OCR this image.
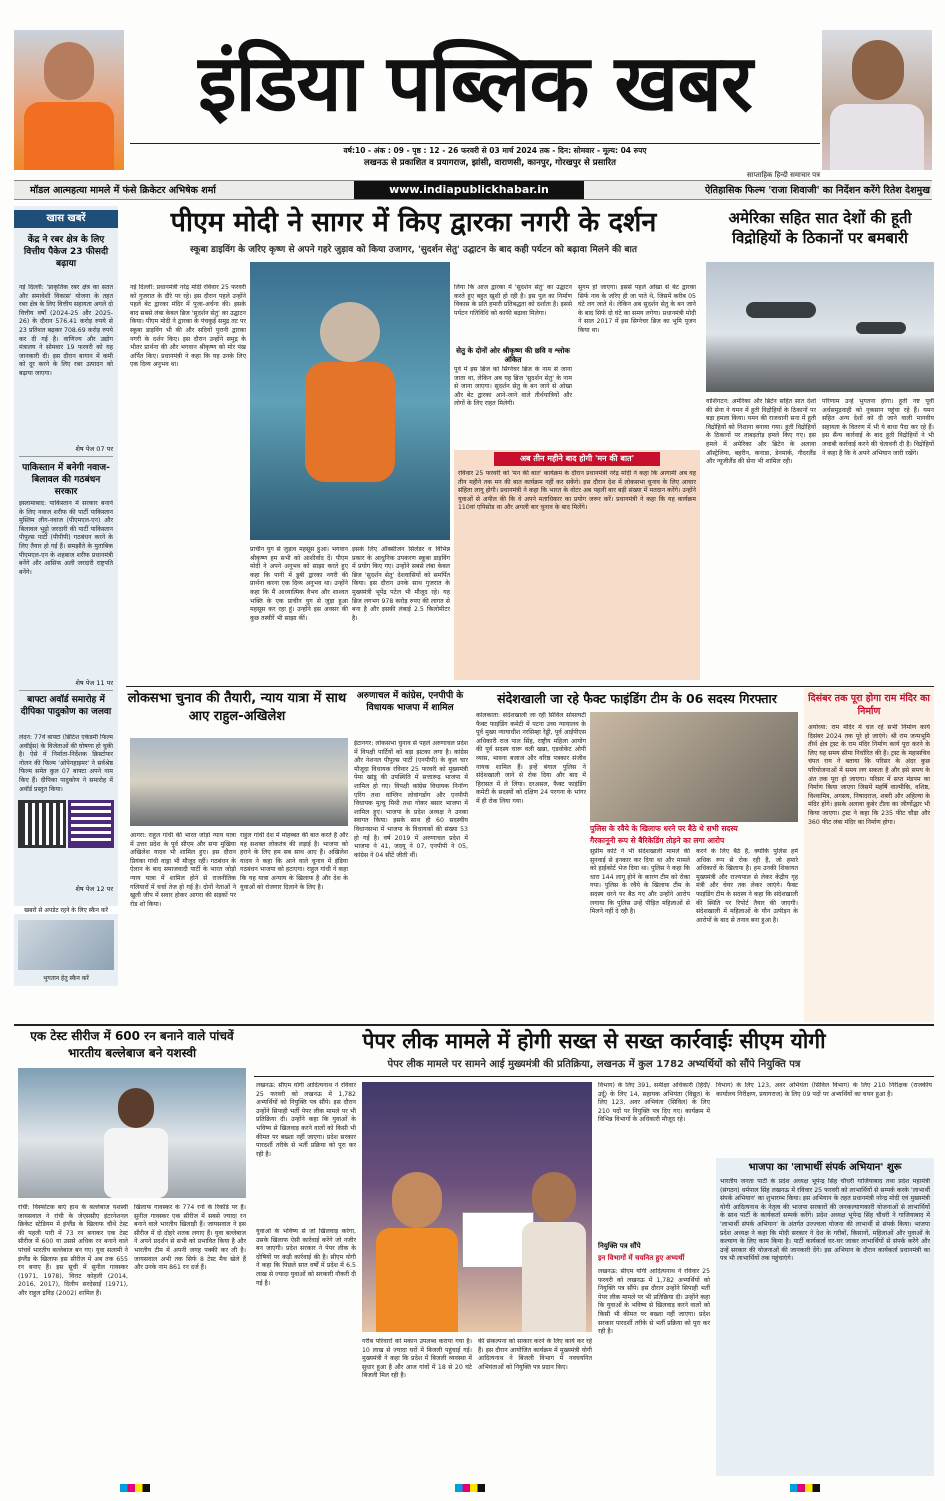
इंडिया पब्लिक खबर
वर्ष:10 - अंक : 09 - पृष्ठ : 12 - 26 फरवरी से 03 मार्च 2024 तक - दिन: सोमवार - मूल्य: 04 रुपए
लखनऊ से प्रकाशित व प्रयागराज, झांसी, वाराणसी, कानपुर, गोरखपुर से प्रसारित
साप्ताहिक हिन्दी समाचार पत्र
मॉडल आत्महत्या मामले में फंसे क्रिकेटर अभिषेक शर्मा	www.indiapublickhabar.in	ऐतिहासिक फिल्म 'राजा शिवाजी' का निर्देशन करेंगे रितेश देशमुख
खास खबरें
केंद्र ने रबर क्षेत्र के लिए वित्तीय पैकेज 23 फीसदी बढ़ाया
नई दिल्ली: 'प्राकृतिक रबर क्षेत्र का सतत और समावेशी विकास' योजना के तहत रबर क्षेत्र के लिए वित्तीय सहायता अगले दो वित्तीय वर्षों (2024-25 और 2025-26) के दौरान 576.41 करोड़ रुपये से 23 प्रतिशत बढ़कर 708.69 करोड़ रुपये कर दी गई है। वाणिज्य और उद्योग मंत्रालय ने सोमवार 19 फरवरी को यह जानकारी दी। इस दौरान बागान में कमी को दूर करने के लिए रबर उत्पादन को बढ़ाया जाएगा।
शेष पेज 07 पर
पाकिस्तान में बनेगी नवाज-बिलावल की गठबंधन सरकार
इस्लामाबाद: पाकिस्तान में सरकार बनाने के लिए नवाज शरीफ की पार्टी पाकिस्तान मुस्लिम लीग-नवाज (पीएमएल-एन) और बिलावल भुट्टो जरदारी की पार्टी पाकिस्तान पीपुल्स पार्टी (पीपीपी) गठबंधन करने के लिए तैयार हो गई हैं। समझौते के मुताबिक पीएमएल-एन के शहबाज शरीफ प्रधानमंत्री बनेंगे और आसिफ अली जरदारी राष्ट्रपति बनेंगे।
शेष पेज 11 पर
बाफ्टा अवॉर्ड समारोह में दीपिका पादुकोण का जलवा
लंदन: 77वें बाफ्टा (ब्रिटिश एकेडमी फिल्म अवॉर्ड्स) के विजेताओं की घोषणा हो चुकी है। ऐसे में निर्माता-निर्देशक क्रिस्टोफर नोलन की फिल्म 'ओपेनहाइमर' ने सर्वश्रेष्ठ फिल्म समेत कुल 07 बाफ्टा अपने नाम किए हैं। दीपिका पादुकोण ने समारोह में अवॉर्ड प्रस्तुत किया।
शेष पेज 12 पर
खबरों से अपडेट रहने के लिए स्कैन करें
भुगतान हेतु स्कैन करें
पीएम मोदी ने सागर में किए द्वारका नगरी के दर्शन
स्कूबा डाइविंग के जरिए कृष्ण से अपने गहरे जुड़ाव को किया उजागर, 'सुदर्शन सेतु' उद्घाटन के बाद कही पर्यटन को बढ़ावा मिलने की बात
नई दिल्ली: प्रधानमंत्री नरेंद्र मोदी रविवार 25 फरवरी को गुजरात के दौरे पर रहे। इस दौरान पहले उन्होंने पहले बेट द्वारका मंदिर में पूजा-अर्चना की। इसके बाद सबसे लंबा केबल ब्रिज 'सुदर्शन सेतु' का उद्घाटन किया। पीएम मोदी ने द्वारका के पंचकुई समुद्र तट पर स्कूबा डाइविंग भी की और सदियों पुरानी द्वारका नगरी के दर्शन किए। इस दौरान उन्होंने समुद्र के भीतर प्रार्थना की और भगवान श्रीकृष्ण को मोर पंख अर्पित किए। प्रधानमंत्री ने कहा कि यह उनके लिए एक दिव्य अनुभव था।
प्राचीन युग से जुड़ाव महसूस हुआ। भगवान श्रीकृष्ण हम सभी को आशीर्वाद दें। पीएम मोदी ने अपने अनुभव को साझा करते हुए कहा कि पानी में डूबी द्वारका नगरी की प्रार्थना करना एक दिव्य अनुभव था। उन्होंने कहा कि मैं आध्यात्मिक वैभव और शाश्वत भक्ति के एक प्राचीन युग से जुड़ा हुआ महसूस कर रहा हूं। उन्होंने इस अवसर की कुछ तस्वीरें भी साझा कीं।
इसके लिए ऑक्सीजन सिलेंडर व विभिन्न प्रकार के आधुनिक उपकरण स्कूबा डाइविंग में प्रयोग किए गए। उन्होंने सबसे लंबा केबल ब्रिज 'सुदर्शन सेतु' देशवासियों को समर्पित किया। इस दौरान उनके साथ गुजरात के मुख्यमंत्री भूपेंद्र पटेल भी मौजूद रहे। यह ब्रिज लगभग 978 करोड़ रुपए की लागत से बना है और इसकी लंबाई 2.5 किलोमीटर है।
लिया कि आज द्वारका में 'सुदर्शन सेतु' का उद्घाटन करते हुए बहुत खुशी हो रही है। इस पुल का निर्माण विकास के प्रति हमारी प्रतिबद्धता को दर्शाता है। इससे पर्यटन गतिविधि को काफी बढ़ावा मिलेगा।
सेतु के दोनों ओर श्रीकृष्ण की छवि व श्लोक अंकित
पूर्व में इस ब्रिज को सिग्नेचर ब्रिज के नाम से जाना जाता था, लेकिन अब यह ब्रिज 'सुदर्शन सेतु' के नाम से जाना जाएगा। सुदर्शन सेतु के बन जाने से ओखा और बेट द्वारका आने-जाने वाले तीर्थयात्रियों और लोगों के लिए राहत मिलेगी।
सुगम हो जाएगा। इससे पहले ओखा से बेट द्वारका सिर्फ नाव के जरिए ही जा पाते थे, जिसमें करीब 05 घंटे लग जाते थे। लेकिन अब सुदर्शन सेतु के बन जाने के बाद सिर्फ दो घंटे का समय लगेगा। प्रधानमंत्री मोदी ने साल 2017 में इस सिग्नेचर ब्रिज का भूमि पूजन किया था।
अब तीन महीने बाद होगी 'मन की बात'
रविवार 25 फरवरी को 'मन की बात' कार्यक्रम के दौरान प्रधानमंत्री नरेंद्र मोदी ने कहा कि आगामी अब वह तीन महीने तक मन की बात कार्यक्रम नहीं कर सकेंगे। इस दौरान देश में लोकसभा चुनाव के लिए आचार संहिता लागू होगी। प्रधानमंत्री ने कहा कि भारत के वोटर अब पहली बार बड़ी संख्या में मतदान करेंगे। उन्होंने युवाओं से अपील की कि वे अपने मताधिकार का प्रयोग जरूर करें। प्रधानमंत्री ने कहा कि यह कार्यक्रम 110वां एपिसोड था और अगली बार चुनाव के बाद मिलेंगे।
अमेरिका सहित सात देशों की हूती विद्रोहियों के ठिकानों पर बमबारी
वाशिंगटन: अमेरिका और ब्रिटेन सहित सात देशों की सेना ने यमन में हूती विद्रोहियों के ठिकानों पर बड़ा हमला किया। यमन की राजधानी सना में हूती विद्रोहियों को निशाना बनाया गया। हूती विद्रोहियों के ठिकानों पर ताबड़तोड़ हमले किए गए। इस हमले में अमेरिका और ब्रिटेन के अलावा ऑस्ट्रेलिया, बहरीन, कनाडा, डेनमार्क, नीदरलैंड और न्यूजीलैंड की सेना भी शामिल रही।
परिणाम उन्हें भुगतना होगा। हूती नष्ट पूर्वी अर्धसमुद्रवाही को नुकसान पहुंचा रहे हैं। यमन सहित अन्य देशों को दी जाने वाली मानवीय सहायता के वितरण में भी ये बाधा पैदा कर रहे हैं। इस सैन्य कार्रवाई के बाद हूती विद्रोहियों ने भी जवाबी कार्रवाई करने की चेतावनी दी है। विद्रोहियों ने कहा है कि वे अपने अभियान जारी रखेंगे।
लोकसभा चुनाव की तैयारी, न्याय यात्रा में साथ आए राहुल-अखिलेश
आगरा: राहुल गांधी की भारत जोड़ो न्याय यात्रा में उत्तर प्रदेश के पूर्व सीएम और सपा मुखिया अखिलेश यादव भी शामिल हुए। इस दौरान प्रियंका गांधी वाड्रा भी मौजूद रहीं। गठबंधन के ऐलान के बाद समाजवादी पार्टी के भारत जोड़ो न्याय यात्रा में शामिल होने से राजनीतिक गलियारों में चर्चा तेज हो गई है। दोनों नेताओं ने खुली जीप में सवार होकर आगरा की सड़कों पर रोड शो किया।
राहुल गांधी देश में मोहब्बत की बात करते हैं और यह सशक्त लोकतंत्र की लड़ाई है। भाजपा को हराने के लिए हम सब साथ आए हैं। अखिलेश यादव ने कहा कि आने वाले चुनाव में इंडिया गठबंधन भाजपा को हटाएगा। राहुल गांधी ने कहा कि यह यात्रा अन्याय के खिलाफ है और देश के युवाओं को रोजगार दिलाने के लिए है।
अरुणाचल में कांग्रेस, एनपीपी के विधायक भाजपा में शामिल
ईटानगर: लोकसभा चुनाव से पहले अरुणाचल प्रदेश में विपक्षी पार्टियों को बड़ा झटका लगा है। कांग्रेस और नेशनल पीपुल्स पार्टी (एनपीपी) के कुल चार मौजूदा विधायक रविवार 25 फरवरी को मुख्यमंत्री पेमा खांडू की उपस्थिति में सत्तारूढ़ भाजपा में शामिल हो गए। विपक्षी कांग्रेस विधायक निनॉन्ग एरिंग तथा वांग्लिन लोवांगडोंग और एनपीपी विधायक मुत्चु मिथी तथा गोकर बसार भाजपा में शामिल हुए। भाजपा के प्रदेश अध्यक्ष ने उनका स्वागत किया। इसके साथ ही 60 सदस्यीय विधानसभा में भाजपा के विधायकों की संख्या 53 हो गई है। वर्ष 2019 में अरुणाचल प्रदेश में भाजपा ने 41, जदयू ने 07, एनपीपी ने 05, कांग्रेस ने 04 सीटें जीती थीं।
संदेशखाली जा रहे फैक्ट फाइंडिंग टीम के 06 सदस्य गिरफ्तार
कोलकाता: संदेशखाली जा रही सिविल सोसायटी फैक्ट फाइंडिंग कमेटी में पटना उच्च न्यायालय के पूर्व मुख्य न्यायाधीश नरसिम्हा रेड्डी, पूर्व आईपीएस अधिकारी राज पाल सिंह, राष्ट्रीय महिला आयोग की पूर्व सदस्य चारू वली खन्ना, एडवोकेट ओपी व्यास, भावना बजाज और वरिष्ठ पत्रकार संजीव नायक शामिल हैं। इन्हें बंगाल पुलिस ने संदेशखाली जाने से रोक दिया और बाद में हिरासत में ले लिया। दरअसल, फैक्ट फाइंडिंग कमेटी के सदस्यों को दक्षिण 24 परगना के भांगर में ही रोक लिया गया।
पुलिस के रवैये के खिलाफ धरने पर बैठे थे सभी सदस्य
गैरकानूनी रूप से बैरिकेडिंग तोड़ने का लगा आरोप
सुप्रीम कोर्ट ने भी संदेशखाली मामले की सुनवाई से इनकार कर दिया था और मामले को हाईकोर्ट भेज दिया था। पुलिस ने कहा कि धारा 144 लागू होने के कारण टीम को रोका गया। पुलिस के रवैये के खिलाफ टीम के सदस्य धरने पर बैठ गए और उन्होंने आरोप लगाया कि पुलिस उन्हें पीड़ित महिलाओं से मिलने नहीं दे रही है।
करने के लिए बैठे हैं, क्योंकि पुलिस हमें अधिक रूप से रोक रही है, जो हमारे अधिकारों के खिलाफ है। हम उनकी शिकायत मुख्यमंत्री और राज्यपाल से लेकर केंद्रीय गृह मंत्री और चेयर तक लेकर जाएंगे। फैक्ट फाइंडिंग टीम के सदस्य ने कहा कि संदेशखाली की स्थिति पर रिपोर्ट तैयार की जाएगी। संदेशखाली में महिलाओं के यौन उत्पीड़न के आरोपों के बाद से तनाव बना हुआ है।
दिसंबर तक पूरा होगा राम मंदिर का निर्माण
अयोध्या: राम मंदिर में चल रहे सभी निर्माण कार्य दिसंबर 2024 तक पूरे हो जाएंगे। श्री राम जन्मभूमि तीर्थ क्षेत्र ट्रस्ट के राम मंदिर निर्माण कार्य पूरा करने के लिए यह समय सीमा निर्धारित की है। ट्रस्ट के महासचिव चंपत राय ने बताया कि परिसर के अंदर कुछ परियोजनाओं में समय लग सकता है और इसे समय के अंत तक पूरा हो जाएगा। परिसर में सप्त मंडपम का निर्माण किया जाएगा जिसमें महर्षि वाल्मीकि, वशिष्ठ, विश्वामित्र, अगस्त्य, निषादराज, शबरी और अहिल्या के मंदिर होंगे। इसके अलावा कुबेर टीला का जीर्णोद्धार भी किया जाएगा। ट्रस्ट ने कहा कि 235 फीट चौड़ा और 360 फीट लंबा मंदिर का निर्माण होगा।
एक टेस्ट सीरीज में 600 रन बनाने वाले पांचवें भारतीय बल्लेबाज बने यशस्वी
रांची: विस्फोटक बाएं हाथ के बल्लेबाज यशस्वी जायसवाल ने रांची के जेएससीए इंटरनेशनल क्रिकेट स्टेडियम में इंग्लैंड के खिलाफ चौथे टेस्ट की पहली पारी में 73 रन बनाकर एक टेस्ट सीरीज में 600 या उससे अधिक रन बनाने वाले पांचवें भारतीय बल्लेबाज बन गए। युवा सलामी ने इंग्लैंड के खिलाफ इस सीरीज में अब तक 655 रन बनाए हैं। इस सूची में सुनील गावस्कर (1971, 1978), विराट कोहली (2014, 2016, 2017), दिलीप सरदेसाई (1971), और राहुल द्रविड़ (2002) शामिल हैं।
खिलाफ गावस्कर के 774 रनों के रिकॉर्ड पर हैं। सुनील गावस्कर एक सीरीज में सबसे ज्यादा रन बनाने वाले भारतीय खिलाड़ी हैं। जायसवाल ने इस सीरीज में दो दोहरे शतक लगाए हैं। युवा बल्लेबाज ने अपने प्रदर्शन से सभी को प्रभावित किया है और भारतीय टीम में अपनी जगह पक्की कर ली है। जायसवाल अभी तक सिर्फ 8 टेस्ट मैच खेले हैं और उनके नाम 861 रन दर्ज हैं।
पेपर लीक मामले में होगी सख्त से सख्त कार्रवाईः सीएम योगी
पेपर लीक मामले पर सामने आई मुख्यमंत्री की प्रतिक्रिया, लखनऊ में कुल 1782 अभ्यर्थियों को सौंपे नियुक्ति पत्र
लखनऊ: सीएम योगी आदित्यनाथ ने रविवार 25 फरवरी को लखनऊ में 1,782 अभ्यर्थियों को नियुक्ति पत्र सौंपे। इस दौरान उन्होंने सिपाही भर्ती पेपर लीक मामले पर भी प्रतिक्रिया दी। उन्होंने कहा कि युवाओं के भविष्य से खिलवाड़ करने वालों को किसी भी कीमत पर बख्शा नहीं जाएगा। प्रदेश सरकार पारदर्शी तरीके से भर्ती प्रक्रिया को पूरा कर रही है।
युवाओं के भविष्य से जो खिलवाड़ करेगा, उसके खिलाफ ऐसी कार्रवाई करेंगे जो नजीर बन जाएगी। प्रदेश सरकार ने पेपर लीक के दोषियों पर कड़ी कार्रवाई की है। सीएम योगी ने कहा कि पिछले सात वर्षों में प्रदेश में 6.5 लाख से ज्यादा युवाओं को सरकारी नौकरी दी गई है।
गरीब परिवारों को मकान उपलब्ध कराया गया है। 10 लाख से ज्यादा घरों में बिजली पहुंचाई गई। मुख्यमंत्री ने कहा कि प्रदेश में बिजली व्यवस्था में सुधार हुआ है और आज गांवों में 18 से 20 घंटे बिजली मिल रही है।
की संकल्पना को साकार करने के लिए कार्य कर रहे हैं। इस दौरान आयोजित कार्यक्रम में मुख्यमंत्री योगी आदित्यनाथ ने बिजली विभाग में नवचयनित अभियंताओं को नियुक्ति पत्र प्रदान किए।
विभाग) के लिए 391, समीक्षा अधिकारी (हिंदी/उर्दू) के लिए 14, सहायक अभियंता (विद्युत) के लिए 123, अवर अभियंता (सिविल) के लिए 210 पदों पर नियुक्ति पत्र दिए गए। कार्यक्रम में विभिन्न विभागों के अधिकारी मौजूद रहे।
विभाग) के लिए 123, अवर अभियंता (सिविल विभाग) के लिए 210 निरीक्षक (राजकीय कार्यालय निरीक्षण, प्रयागराज) के लिए 09 पदों पर अभ्यर्थियों का चयन हुआ है।
नियुक्ति पत्र सौंपे
इन विभागों में चयनित हुए अभ्यर्थी
लखनऊ: सीएम योगी आदित्यनाथ ने रविवार 25 फरवरी को लखनऊ में 1,782 अभ्यर्थियों को नियुक्ति पत्र सौंपे। इस दौरान उन्होंने सिपाही भर्ती पेपर लीक मामले पर भी प्रतिक्रिया दी। उन्होंने कहा कि युवाओं के भविष्य से खिलवाड़ करने वालों को किसी भी कीमत पर बख्शा नहीं जाएगा। प्रदेश सरकार पारदर्शी तरीके से भर्ती प्रक्रिया को पूरा कर रही है।
भाजपा का 'लाभार्थी संपर्क अभियान' शुरू
भारतीय जनता पार्टी के प्रदेश अध्यक्ष भूपेन्द्र सिंह चौधरी गाजियाबाद तथा प्रदेश महामंत्री (संगठन) धर्मपाल सिंह लखनऊ में रविवार 25 फरवरी को लाभार्थियों से सम्पर्क करके 'लाभार्थी संपर्क अभियान' का शुभारम्भ किया। इस अभियान के तहत प्रधानमंत्री नरेन्द्र मोदी एवं मुख्यमंत्री योगी आदित्यनाथ के नेतृत्व की भाजपा सरकारों की जनकल्याणकारी योजनाओं से लाभार्थियों के साथ पार्टी के कार्यकर्ता सम्पर्क करेंगे। प्रदेश अध्यक्ष भूपेन्द्र सिंह चौधरी ने गाजियाबाद में 'लाभार्थी संपर्क अभियान' के अंतर्गत उज्ज्वला योजना की लाभार्थी से संपर्क किया। भाजपा प्रदेश अध्यक्ष ने कहा कि मोदी सरकार ने देश के गरीबों, किसानों, महिलाओं और युवाओं के कल्याण के लिए काम किया है। पार्टी कार्यकर्ता घर-घर जाकर लाभार्थियों से संपर्क करेंगे और उन्हें सरकार की योजनाओं की जानकारी देंगे। इस अभियान के दौरान कार्यकर्ता प्रधानमंत्री का पत्र भी लाभार्थियों तक पहुंचाएंगे।
